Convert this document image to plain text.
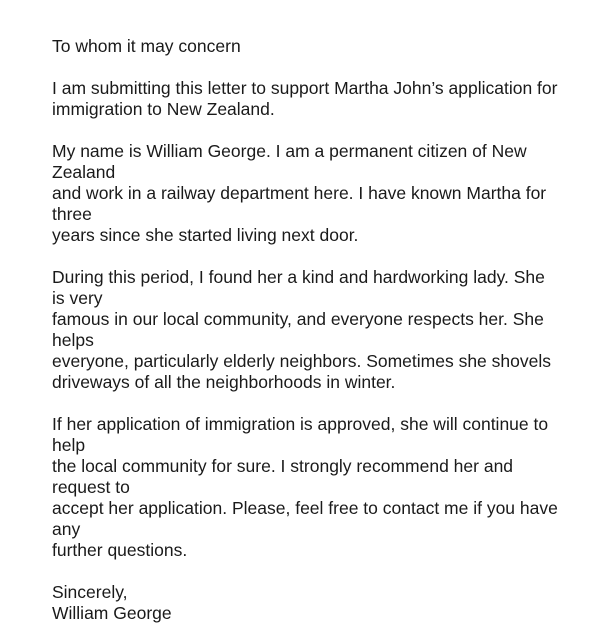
To whom it may concern

I am submitting this letter to support Martha John’s application for
immigration to New Zealand.

My name is William George. I am a permanent citizen of New Zealand
and work in a railway department here. I have known Martha for three
years since she started living next door.

During this period, I found her a kind and hardworking lady. She is very
famous in our local community, and everyone respects her. She helps
everyone, particularly elderly neighbors. Sometimes she shovels
driveways of all the neighborhoods in winter.

If her application of immigration is approved, she will continue to help
the local community for sure. I strongly recommend her and request to
accept her application. Please, feel free to contact me if you have any
further questions.

Sincerely,

William George
